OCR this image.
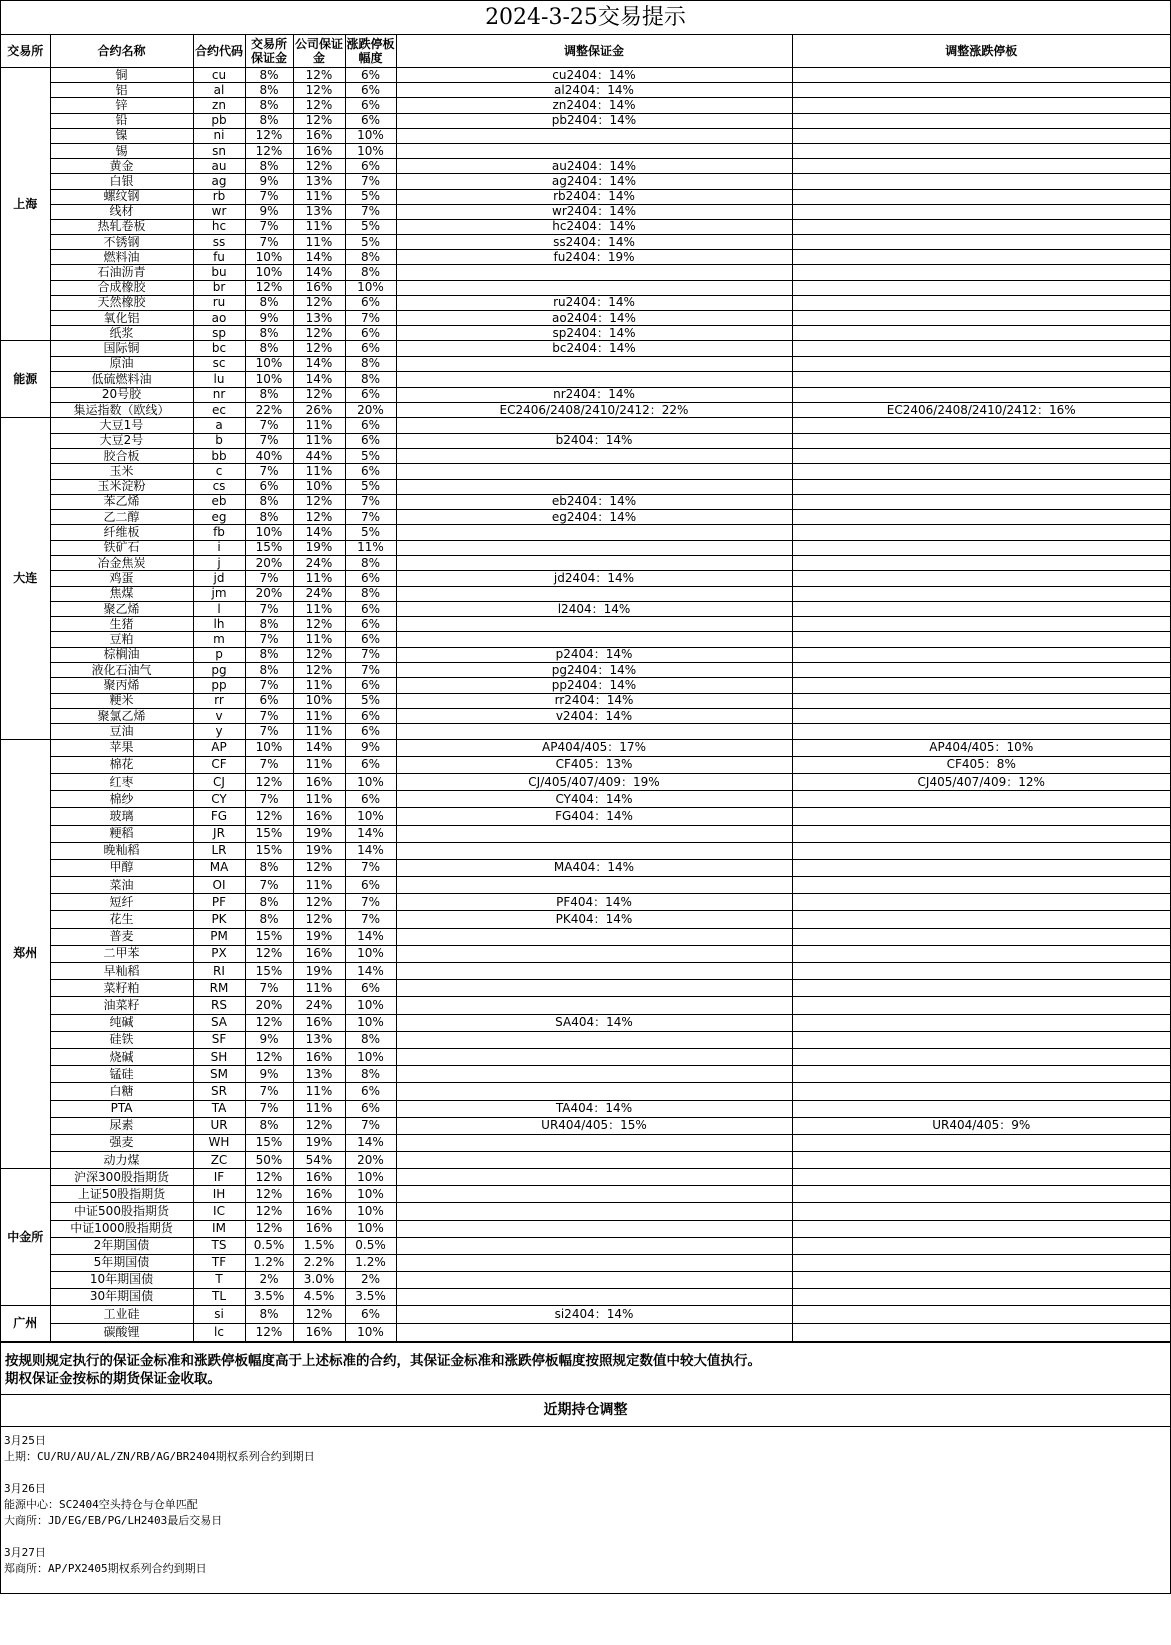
2024-3-25交易提示
交易所	合约名称	合约代码	交易所保证金	公司保证金	涨跌停板幅度	调整保证金	调整涨跌停板
上海	铜	cu	8%	12%	6%	cu2404：14%	
	铝	al	8%	12%	6%	al2404：14%	
	锌	zn	8%	12%	6%	zn2404：14%	
	铅	pb	8%	12%	6%	pb2404：14%	
	镍	ni	12%	16%	10%		
	锡	sn	12%	16%	10%		
	黄金	au	8%	12%	6%	au2404：14%	
	白银	ag	9%	13%	7%	ag2404：14%	
	螺纹钢	rb	7%	11%	5%	rb2404：14%	
	线材	wr	9%	13%	7%	wr2404：14%	
	热轧卷板	hc	7%	11%	5%	hc2404：14%	
	不锈钢	ss	7%	11%	5%	ss2404：14%	
	燃料油	fu	10%	14%	8%	fu2404：19%	
	石油沥青	bu	10%	14%	8%		
	合成橡胶	br	12%	16%	10%		
	天然橡胶	ru	8%	12%	6%	ru2404：14%	
	氧化铝	ao	9%	13%	7%	ao2404：14%	
	纸浆	sp	8%	12%	6%	sp2404：14%	
能源	国际铜	bc	8%	12%	6%	bc2404：14%	
	原油	sc	10%	14%	8%		
	低硫燃料油	lu	10%	14%	8%		
	20号胶	nr	8%	12%	6%	nr2404：14%	
	集运指数（欧线）	ec	22%	26%	20%	EC2406/2408/2410/2412：22%	EC2406/2408/2410/2412：16%
大连	大豆1号	a	7%	11%	6%		
	大豆2号	b	7%	11%	6%	b2404：14%	
	胶合板	bb	40%	44%	5%		
	玉米	c	7%	11%	6%		
	玉米淀粉	cs	6%	10%	5%		
	苯乙烯	eb	8%	12%	7%	eb2404：14%	
	乙二醇	eg	8%	12%	7%	eg2404：14%	
	纤维板	fb	10%	14%	5%		
	铁矿石	i	15%	19%	11%		
	冶金焦炭	j	20%	24%	8%		
	鸡蛋	jd	7%	11%	6%	jd2404：14%	
	焦煤	jm	20%	24%	8%		
	聚乙烯	l	7%	11%	6%	l2404：14%	
	生猪	lh	8%	12%	6%		
	豆粕	m	7%	11%	6%		
	棕榈油	p	8%	12%	7%	p2404：14%	
	液化石油气	pg	8%	12%	7%	pg2404：14%	
	聚丙烯	pp	7%	11%	6%	pp2404：14%	
	粳米	rr	6%	10%	5%	rr2404：14%	
	聚氯乙烯	v	7%	11%	6%	v2404：14%	
	豆油	y	7%	11%	6%		
郑州	苹果	AP	10%	14%	9%	AP404/405：17%	AP404/405：10%
	棉花	CF	7%	11%	6%	CF405：13%	CF405：8%
	红枣	CJ	12%	16%	10%	CJ/405/407/409：19%	CJ405/407/409：12%
	棉纱	CY	7%	11%	6%	CY404：14%	
	玻璃	FG	12%	16%	10%	FG404：14%	
	粳稻	JR	15%	19%	14%		
	晚籼稻	LR	15%	19%	14%		
	甲醇	MA	8%	12%	7%	MA404：14%	
	菜油	OI	7%	11%	6%		
	短纤	PF	8%	12%	7%	PF404：14%	
	花生	PK	8%	12%	7%	PK404：14%	
	普麦	PM	15%	19%	14%		
	二甲苯	PX	12%	16%	10%		
	早籼稻	RI	15%	19%	14%		
	菜籽粕	RM	7%	11%	6%		
	油菜籽	RS	20%	24%	10%		
	纯碱	SA	12%	16%	10%	SA404：14%	
	硅铁	SF	9%	13%	8%		
	烧碱	SH	12%	16%	10%		
	锰硅	SM	9%	13%	8%		
	白糖	SR	7%	11%	6%		
	PTA	TA	7%	11%	6%	TA404：14%	
	尿素	UR	8%	12%	7%	UR404/405：15%	UR404/405：9%
	强麦	WH	15%	19%	14%		
	动力煤	ZC	50%	54%	20%		
中金所	沪深300股指期货	IF	12%	16%	10%		
	上证50股指期货	IH	12%	16%	10%		
	中证500股指期货	IC	12%	16%	10%		
	中证1000股指期货	IM	12%	16%	10%		
	2年期国债	TS	0.5%	1.5%	0.5%		
	5年期国债	TF	1.2%	2.2%	1.2%		
	10年期国债	T	2%	3.0%	2%		
	30年期国债	TL	3.5%	4.5%	3.5%		
广州	工业硅	si	8%	12%	6%	si2404：14%	
	碳酸锂	lc	12%	16%	10%		
按规则规定执行的保证金标准和涨跌停板幅度高于上述标准的合约，其保证金标准和涨跌停板幅度按照规定数值中较大值执行。
期权保证金按标的期货保证金收取。
近期持仓调整
3月25日
上期：CU/RU/AU/AL/ZN/RB/AG/BR2404期权系列合约到期日
3月26日
能源中心：SC2404空头持仓与仓单匹配
大商所：JD/EG/EB/PG/LH2403最后交易日
3月27日
郑商所：AP/PX2405期权系列合约到期日
